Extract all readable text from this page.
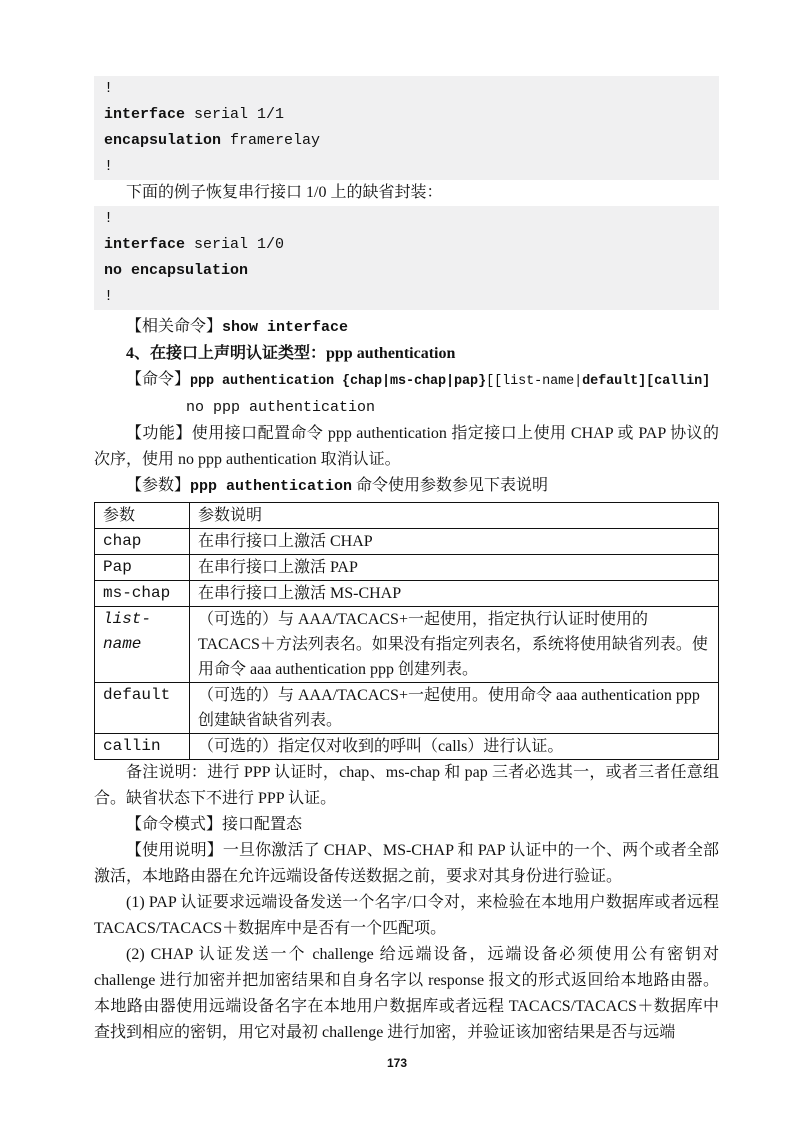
!
interface serial 1/1
encapsulation framerelay
!

下面的例子恢复串行接口 1/0 上的缺省封装：

!
interface serial 1/0
no encapsulation
!

【相关命令】show interface

4、在接口上声明认证类型：ppp authentication

【命令】ppp authentication {chap|ms-chap|pap}[[list-name|default][callin]

no ppp authentication

【功能】使用接口配置命令 ppp authentication 指定接口上使用 CHAP 或 PAP 协议的次序，使用 no ppp authentication 取消认证。

【参数】ppp authentication 命令使用参数参见下表说明

参数	参数说明
chap	在串行接口上激活 CHAP
Pap	在串行接口上激活 PAP
ms-chap	在串行接口上激活 MS-CHAP
list-name	（可选的）与 AAA/TACACS+一起使用，指定执行认证时使用的 TACACS＋方法列表名。如果没有指定列表名，系统将使用缺省列表。使用命令 aaa authentication ppp 创建列表。
default	（可选的）与 AAA/TACACS+一起使用。使用命令 aaa authentication ppp 创建缺省缺省列表。
callin	（可选的）指定仅对收到的呼叫（calls）进行认证。

备注说明：进行 PPP 认证时，chap、ms-chap 和 pap 三者必选其一，或者三者任意组合。缺省状态下不进行 PPP 认证。

【命令模式】接口配置态

【使用说明】一旦你激活了 CHAP、MS-CHAP 和 PAP 认证中的一个、两个或者全部激活，本地路由器在允许远端设备传送数据之前，要求对其身份进行验证。

(1) PAP 认证要求远端设备发送一个名字/口令对，来检验在本地用户数据库或者远程 TACACS/TACACS＋数据库中是否有一个匹配项。

(2) CHAP 认证发送一个 challenge 给远端设备，远端设备必须使用公有密钥对 challenge 进行加密并把加密结果和自身名字以 response 报文的形式返回给本地路由器。 本地路由器使用远端设备名字在本地用户数据库或者远程 TACACS/TACACS＋数据库中查找到相应的密钥，用它对最初 challenge 进行加密，并验证该加密结果是否与远端

173
